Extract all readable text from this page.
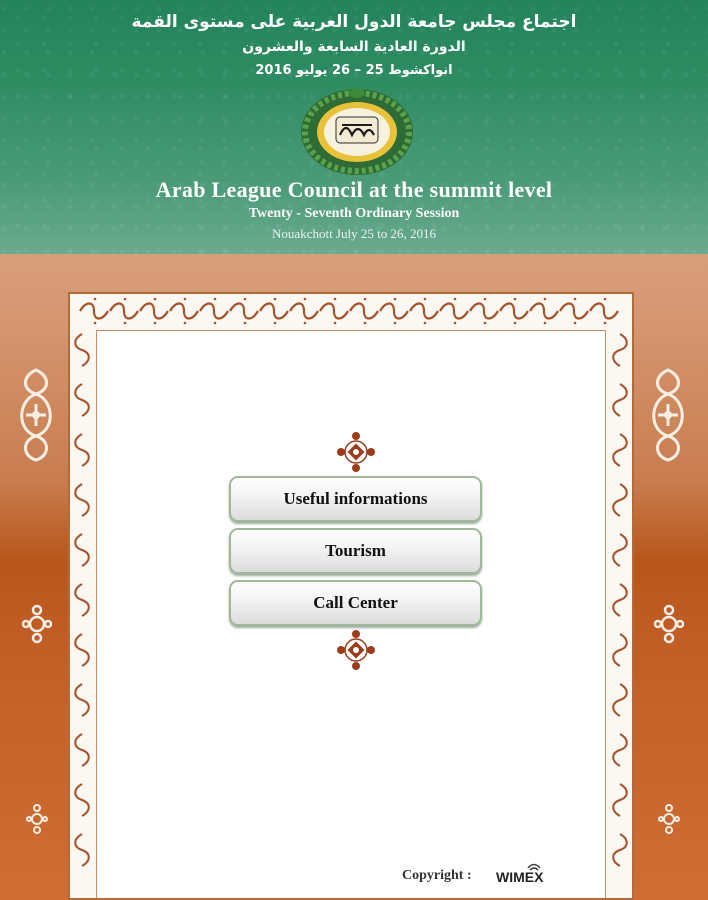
اجتماع مجلس جامعة الدول العربية على مستوى القمة
الدورة العادية السابعة والعشرون
انواكشوط 25 – 26 يوليو 2016
Arab League Council at the summit level
Twenty - Seventh Ordinary Session
Nouakchott July 25 to 26, 2016
Useful informations
Tourism
Call Center
Copyright : WIMEX
